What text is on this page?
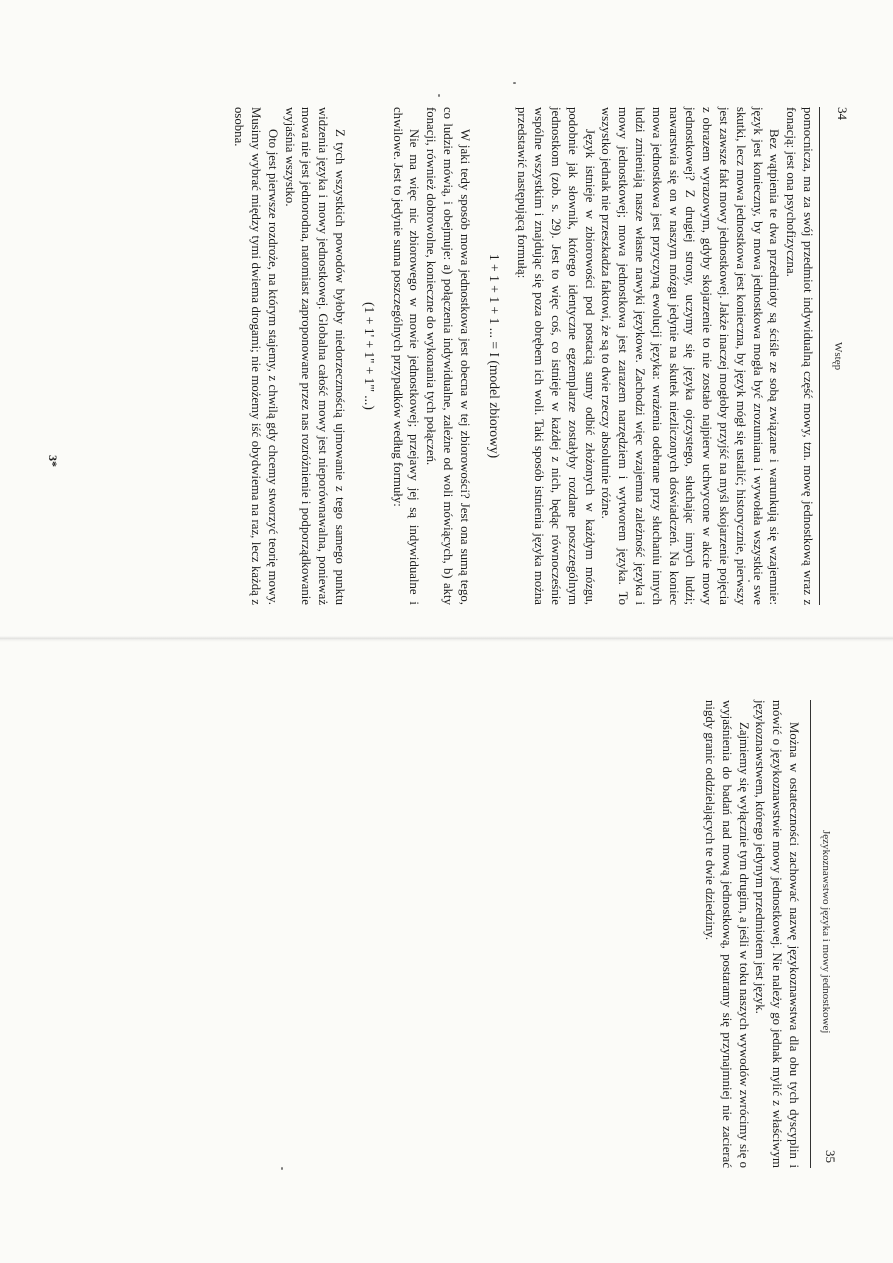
34
Wstęp

pomocnicza, ma za swój przedmiot indywidualną część mowy, tzn. mowę jednostkową wraz z fonacją: jest ona psychofizyczna.

Bez wątpienia te dwa przedmioty są ściśle ze sobą związane i warunkują się wzajemnie: język jest konieczny, by mowa jednostkowa mogła być zrozumiana i wywołała wszystkie swe skutki, lecz mowa jednostkowa jest konieczna, by język mógł się ustalić; historycznie, pierwszy jest zawsze fakt mowy jednostkowej. Jakże inaczej mogłoby przyjść na myśl skojarzenie pojęcia z obrazem wyrazowym, gdyby skojarzenie to nie zostało najpierw uchwycone w akcie mowy jednostkowej? Z drugiej strony, uczymy się języka ojczystego, słuchając innych ludzi; nawarstwia się on w naszym mózgu jedynie na skutek niezliczonych doświadczeń. Na koniec mowa jednostkowa jest przyczyną ewolucji języka: wrażenia odebrane przy słuchaniu innych ludzi zmieniają nasze własne nawyki językowe. Zachodzi więc wzajemna zależność języka i mowy jednostkowej; mowa jednostkowa jest zarazem narzędziem i wytworem języka. To wszystko jednak nie przeszkadza faktowi, że są to dwie rzeczy absolutnie różne.

Język istnieje w zbiorowości pod postacią sumy odbić złożonych w każdym mózgu, podobnie jak słownik, którego identyczne egzemplarze zostałyby rozdane poszczególnym jednostkom (zob. s. 29). Jest to więc coś, co istnieje w każdej z nich, będąc równocześnie wspólne wszystkim i znajdując się poza obrębem ich woli. Taki sposób istnienia języka można przedstawić następującą formułą:

1 + 1 + 1 + 1 ... = I (model zbiorowy)

W jaki tedy sposób mowa jednostkowa jest obecna w tej zbiorowości? Jest ona sumą tego, co ludzie mówią, i obejmuje: a) połączenia indywidualne, zależne od woli mówiących, b) akty fonacji, również dobrowolne, konieczne do wykonania tych połączeń.

Nie ma więc nic zbiorowego w mowie jednostkowej; przejawy jej są indywidualne i chwilowe. Jest to jedynie suma poszczególnych przypadków według formuły:

(1 + 1' + 1'' + 1''' ...)

Z tych wszystkich powodów byłoby niedorzecznością ujmowanie z tego samego punktu widzenia języka i mowy jednostkowej. Globalna całość mowy jest nieporównawalna, ponieważ mowa nie jest jednorodna, natomiast zaproponowane przez nas rozróżnienie i podporządkowanie wyjaśnia wszystko.

Oto jest pierwsze rozdroże, na którym stajemy, z chwilą gdy chcemy stworzyć teorię mowy. Musimy wybrać między tymi dwiema drogami; nie możemy iść obydwiema na raz, lecz każdą z osobna.

3*
35
Językoznawstwo języka i mowy jednostkowej

Można w ostateczności zachować nazwę językoznawstwa dla obu tych dyscyplin i mówić o językoznawstwie mowy jednostkowej. Nie należy go jednak mylić z właściwym językoznawstwem, którego jedynym przedmiotem jest język.

Zajmiemy się wyłącznie tym drugim, a jeśli w toku naszych wywodów zwrócimy się o wyjaśnienia do badań nad mową jednostkową, postaramy się przynajmniej nie zacierać nigdy granic oddzielających te dwie dziedziny.
